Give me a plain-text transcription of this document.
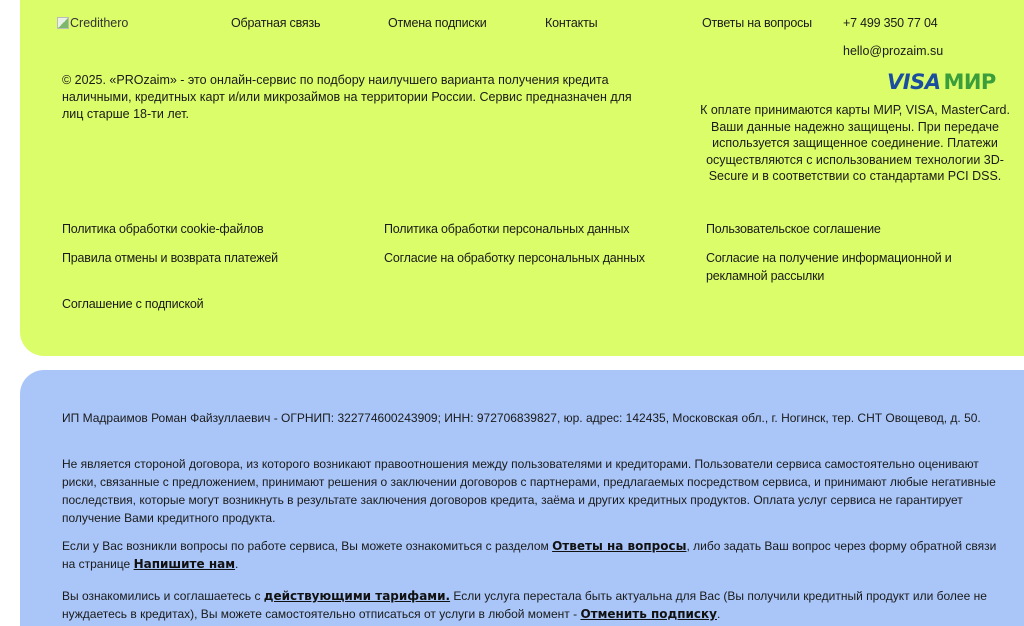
Credithero	Обратная связь	Отмена подписки	Контакты	Ответы на вопросы +7 499 350 77 04
hello@prozaim.su

© 2025. «PROzaim» - это онлайн-сервис по подбору наилучшего варианта получения кредита наличными, кредитных карт и/или микрозаймов на территории России. Сервис предназначен для лиц старше 18-ти лет.

VISA МИР

К оплате принимаются карты МИР, VISA, MasterCard. Ваши данные надежно защищены. При передаче используется защищенное соединение. Платежи осуществляются с использованием технологии 3D-Secure и в соответствии со стандартами PCI DSS.

Политика обработки cookie-файлов	Политика обработки персональных данных	Пользовательское соглашение
Правила отмены и возврата платежей	Согласие на обработку персональных данных	Согласие на получение информационной и рекламной рассылки
Соглашение с подпиской

ИП Мадраимов Роман Файзуллаевич - ОГРНИП: 322774600243909; ИНН: 972706839827, юр. адрес: 142435, Московская обл., г. Ногинск, тер. СНТ Овощевод, д. 50.

Не является стороной договора, из которого возникают правоотношения между пользователями и кредиторами. Пользователи сервиса самостоятельно оценивают риски, связанные с предложением, принимают решения о заключении договоров с партнерами, предлагаемых посредством сервиса, и принимают любые негативные последствия, которые могут возникнуть в результате заключения договоров кредита, заёма и других кредитных продуктов. Оплата услуг сервиса не гарантирует получение Вами кредитного продукта.

Если у Вас возникли вопросы по работе сервиса, Вы можете ознакомиться с разделом Ответы на вопросы, либо задать Ваш вопрос через форму обратной связи на странице Напишите нам.

Вы ознакомились и соглашаетесь с действующими тарифами. Если услуга перестала быть актуальна для Вас (Вы получили кредитный продукт или более не нуждаетесь в кредитах), Вы можете самостоятельно отписаться от услуги в любой момент - Отменить подписку.
